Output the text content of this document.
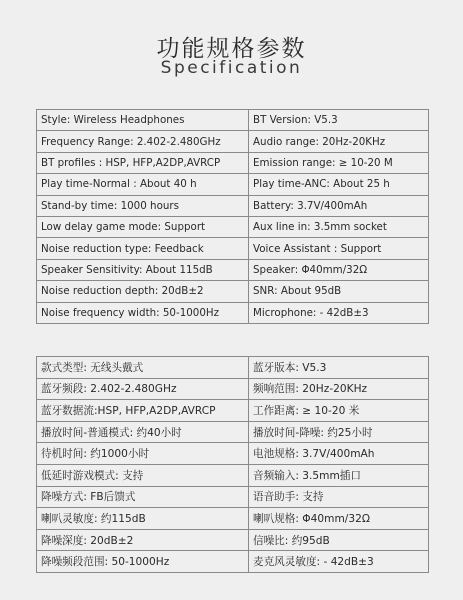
功能规格参数
Specification
Style: Wireless Headphones	BT Version: V5.3
Frequency Range: 2.402-2.480GHz	Audio range: 20Hz-20KHz
BT profiles : HSP, HFP,A2DP,AVRCP	Emission range: ≥ 10-20 M
Play time-Normal : About 40 h	Play time-ANC: About 25 h
Stand-by time: 1000 hours	Battery: 3.7V/400mAh
Low delay game mode: Support	Aux line in: 3.5mm socket
Noise reduction type: Feedback	Voice Assistant : Support
Speaker Sensitivity: About 115dB	Speaker: Φ40mm/32Ω
Noise reduction depth: 20dB±2	SNR: About 95dB
Noise frequency width: 50-1000Hz	Microphone: - 42dB±3
款式类型: 无线头戴式	蓝牙版本: V5.3
蓝牙频段: 2.402-2.480GHz	频响范围: 20Hz-20KHz
蓝牙数据流:HSP, HFP,A2DP,AVRCP	工作距离: ≥ 10-20 米
播放时间-普通模式: 约40小时	播放时间-降噪: 约25小时
待机时间: 约1000小时	电池规格: 3.7V/400mAh
低延时游戏模式: 支持	音频输入: 3.5mm插口
降噪方式: FB后馈式	语音助手: 支持
喇叭灵敏度: 约115dB	喇叭规格: Φ40mm/32Ω
降噪深度: 20dB±2	信噪比: 约95dB
降噪频段范围: 50-1000Hz	麦克风灵敏度: - 42dB±3
